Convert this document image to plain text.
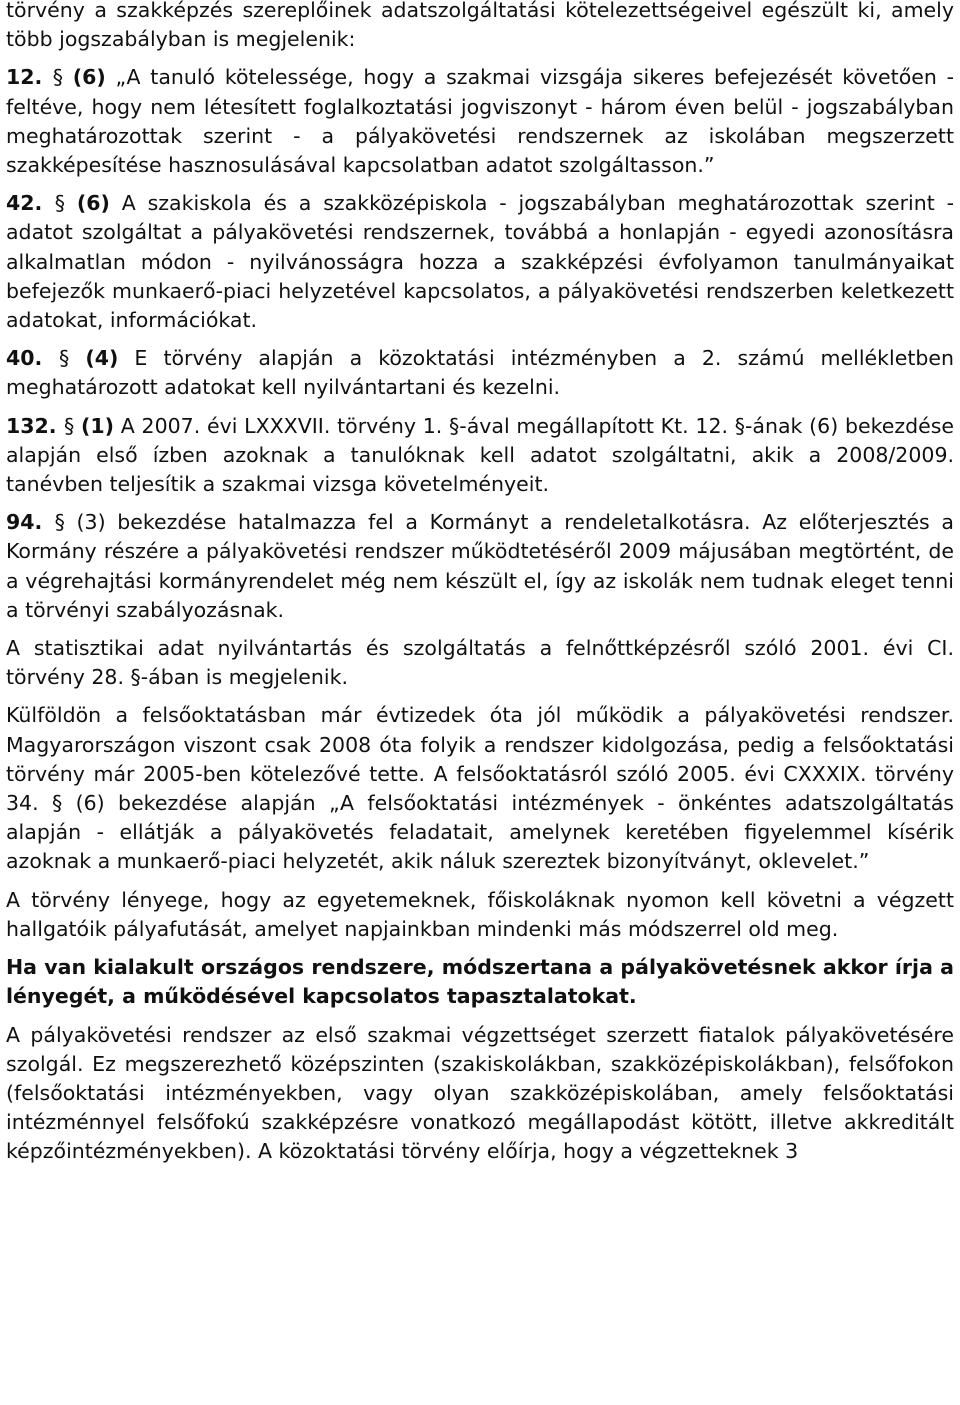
törvény a szakképzés szereplőinek adatszolgáltatási kötelezettségeivel egészült ki, amely több jogszabályban is megjelenik:

12. § (6) „A tanuló kötelessége, hogy a szakmai vizsgája sikeres befejezését követően - feltéve, hogy nem létesített foglalkoztatási jogviszonyt - három éven belül - jogszabályban meghatározottak szerint - a pályakövetési rendszernek az iskolában megszerzett szakképesítése hasznosulásával kapcsolatban adatot szolgáltasson.”

42. § (6) A szakiskola és a szakközépiskola - jogszabályban meghatározottak szerint - adatot szolgáltat a pályakövetési rendszernek, továbbá a honlapján - egyedi azonosításra alkalmatlan módon - nyilvánosságra hozza a szakképzési évfolyamon tanulmányaikat befejezők munkaerő-piaci helyzetével kapcsolatos, a pályakövetési rendszerben keletkezett adatokat, információkat.

40. § (4) E törvény alapján a közoktatási intézményben a 2. számú mellékletben meghatározott adatokat kell nyilvántartani és kezelni.

132. § (1) A 2007. évi LXXXVII. törvény 1. §-ával megállapított Kt. 12. §-ának (6) bekezdése alapján első ízben azoknak a tanulóknak kell adatot szolgáltatni, akik a 2008/2009. tanévben teljesítik a szakmai vizsga követelményeit.

94. § (3) bekezdése hatalmazza fel a Kormányt a rendeletalkotásra. Az előterjesztés a Kormány részére a pályakövetési rendszer működtetéséről 2009 májusában megtörtént, de a végrehajtási kormányrendelet még nem készült el, így az iskolák nem tudnak eleget tenni a törvényi szabályozásnak.

A statisztikai adat nyilvántartás és szolgáltatás a felnőttképzésről szóló 2001. évi CI. törvény 28. §-ában is megjelenik.

Külföldön a felsőoktatásban már évtizedek óta jól működik a pályakövetési rendszer. Magyarországon viszont csak 2008 óta folyik a rendszer kidolgozása, pedig a felsőoktatási törvény már 2005-ben kötelezővé tette. A felsőoktatásról szóló 2005. évi CXXXIX. törvény 34. § (6) bekezdése alapján „A felsőoktatási intézmények - önkéntes adatszolgáltatás alapján - ellátják a pályakövetés feladatait, amelynek keretében figyelemmel kísérik azoknak a munkaerő-piaci helyzetét, akik náluk szereztek bizonyítványt, oklevelet.”

A törvény lényege, hogy az egyetemeknek, főiskoláknak nyomon kell követni a végzett hallgatóik pályafutását, amelyet napjainkban mindenki más módszerrel old meg.

Ha van kialakult országos rendszere, módszertana a pályakövetésnek akkor írja a lényegét, a működésével kapcsolatos tapasztalatokat.

A pályakövetési rendszer az első szakmai végzettséget szerzett fiatalok pályakövetésére szolgál. Ez megszerezhető középszinten (szakiskolákban, szakközépiskolákban), felsőfokon (felsőoktatási intézményekben, vagy olyan szakközépiskolában, amely felsőoktatási intézménnyel felsőfokú szakképzésre vonatkozó megállapodást kötött, illetve akkreditált képzőintézményekben). A közoktatási törvény előírja, hogy a végzetteknek 3
